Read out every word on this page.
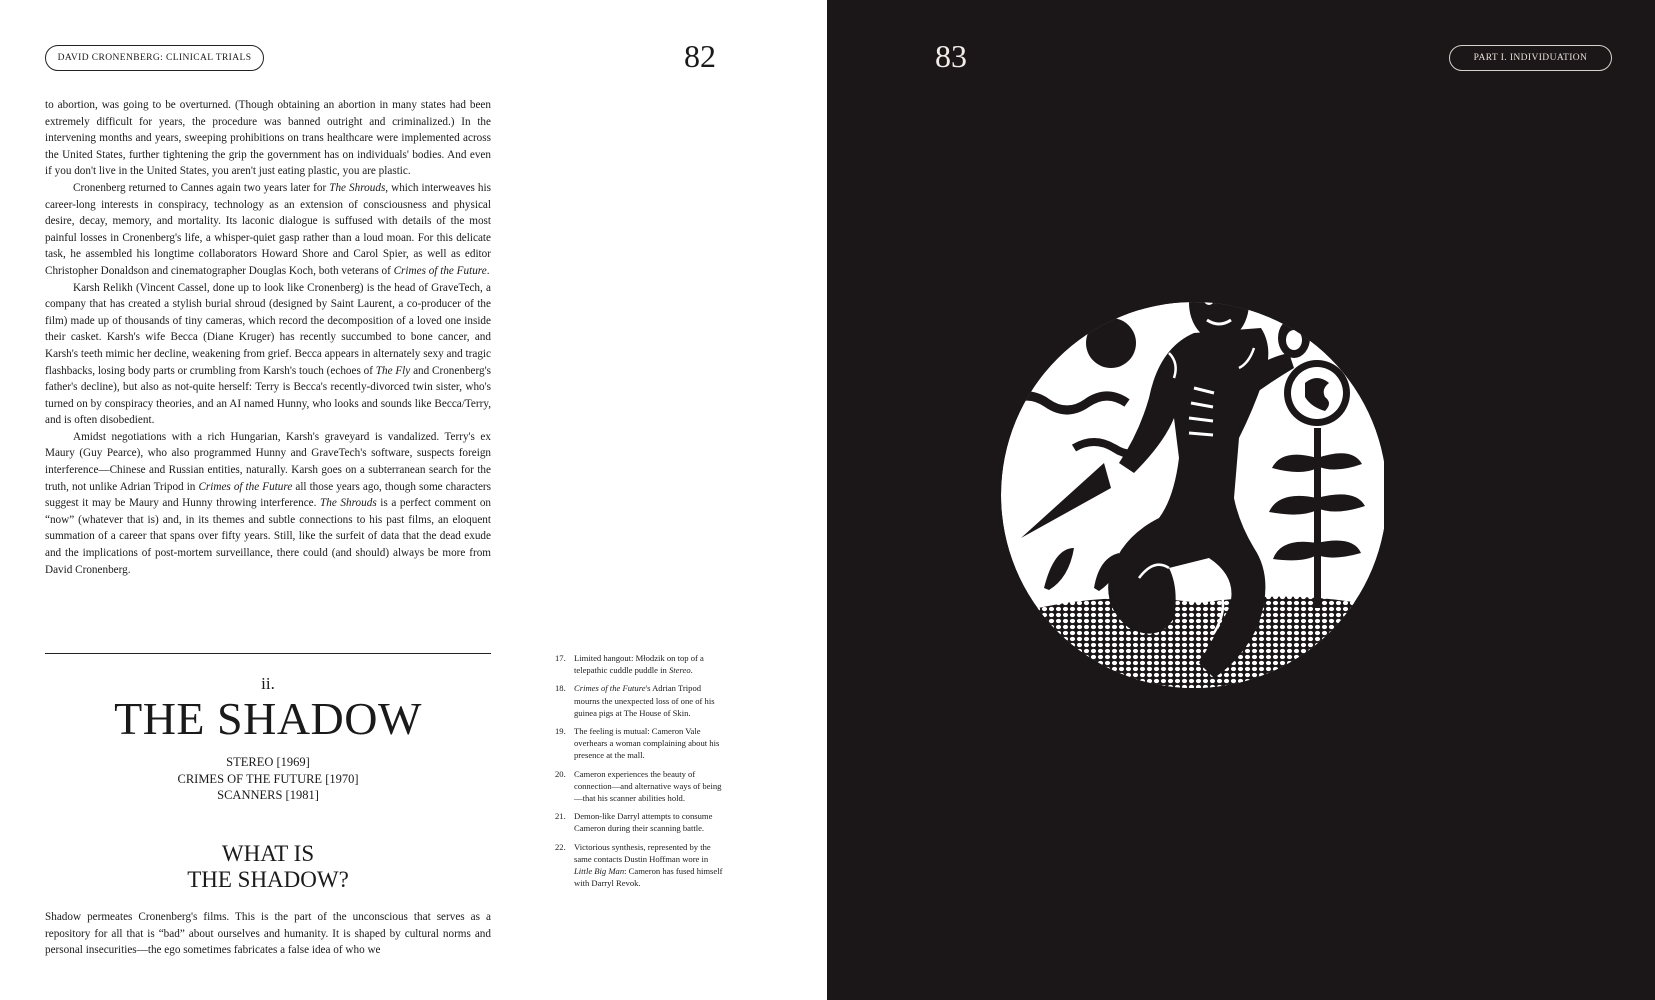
DAVID CRONENBERG: CLINICAL TRIALS	82

to abortion, was going to be overturned. (Though obtaining an abortion in many states had been extremely difficult for years, the procedure was banned outright and criminalized.) In the intervening months and years, sweeping prohibitions on trans healthcare were implemented across the United States, further tightening the grip the government has on individuals' bodies. And even if you don't live in the United States, you aren't just eating plastic, you are plastic.

Cronenberg returned to Cannes again two years later for The Shrouds, which interweaves his career-long interests in conspiracy, technology as an extension of consciousness and physical desire, decay, memory, and mortality. Its laconic dialogue is suffused with details of the most painful losses in Cronenberg's life, a whisper-quiet gasp rather than a loud moan. For this delicate task, he assembled his longtime collaborators Howard Shore and Carol Spier, as well as editor Christopher Donaldson and cinematographer Douglas Koch, both veterans of Crimes of the Future.

Karsh Relikh (Vincent Cassel, done up to look like Cronenberg) is the head of GraveTech, a company that has created a stylish burial shroud (designed by Saint Laurent, a co-producer of the film) made up of thousands of tiny cameras, which record the decomposition of a loved one inside their casket. Karsh's wife Becca (Diane Kruger) has recently succumbed to bone cancer, and Karsh's teeth mimic her decline, weakening from grief. Becca appears in alternately sexy and tragic flashbacks, losing body parts or crumbling from Karsh's touch (echoes of The Fly and Cronenberg's father's decline), but also as not-quite herself: Terry is Becca's recently-divorced twin sister, who's turned on by conspiracy theories, and an AI named Hunny, who looks and sounds like Becca/Terry, and is often disobedient.

Amidst negotiations with a rich Hungarian, Karsh's graveyard is vandalized. Terry's ex Maury (Guy Pearce), who also programmed Hunny and GraveTech's software, suspects foreign interference—Chinese and Russian entities, naturally. Karsh goes on a subterranean search for the truth, not unlike Adrian Tripod in Crimes of the Future all those years ago, though some characters suggest it may be Maury and Hunny throwing interference. The Shrouds is a perfect comment on “now” (whatever that is) and, in its themes and subtle connections to his past films, an eloquent summation of a career that spans over fifty years. Still, like the surfeit of data that the dead exude and the implications of post-mortem surveillance, there could (and should) always be more from David Cronenberg.

ii.
THE SHADOW
STEREO [1969]
CRIMES OF THE FUTURE [1970]
SCANNERS [1981]
WHAT IS
THE SHADOW?
Shadow permeates Cronenberg's films. This is the part of the unconscious that serves as a repository for all that is “bad” about ourselves and humanity. It is shaped by cultural norms and personal insecurities—the ego sometimes fabricates a false idea of who we
17. Limited hangout: Młodzik on top of a telepathic cuddle puddle in Stereo.
18. Crimes of the Future's Adrian Tripod mourns the unexpected loss of one of his guinea pigs at The House of Skin.
19. The feeling is mutual: Cameron Vale overhears a woman complaining about his presence at the mall.
20. Cameron experiences the beauty of connection—and alternative ways of being—that his scanner abilities hold.
21. Demon-like Darryl attempts to consume Cameron during their scanning battle.
22. Victorious synthesis, represented by the same contacts Dustin Hoffman wore in Little Big Man: Cameron has fused himself with Darryl Revok.
83	PART I. INDIVIDUATION
